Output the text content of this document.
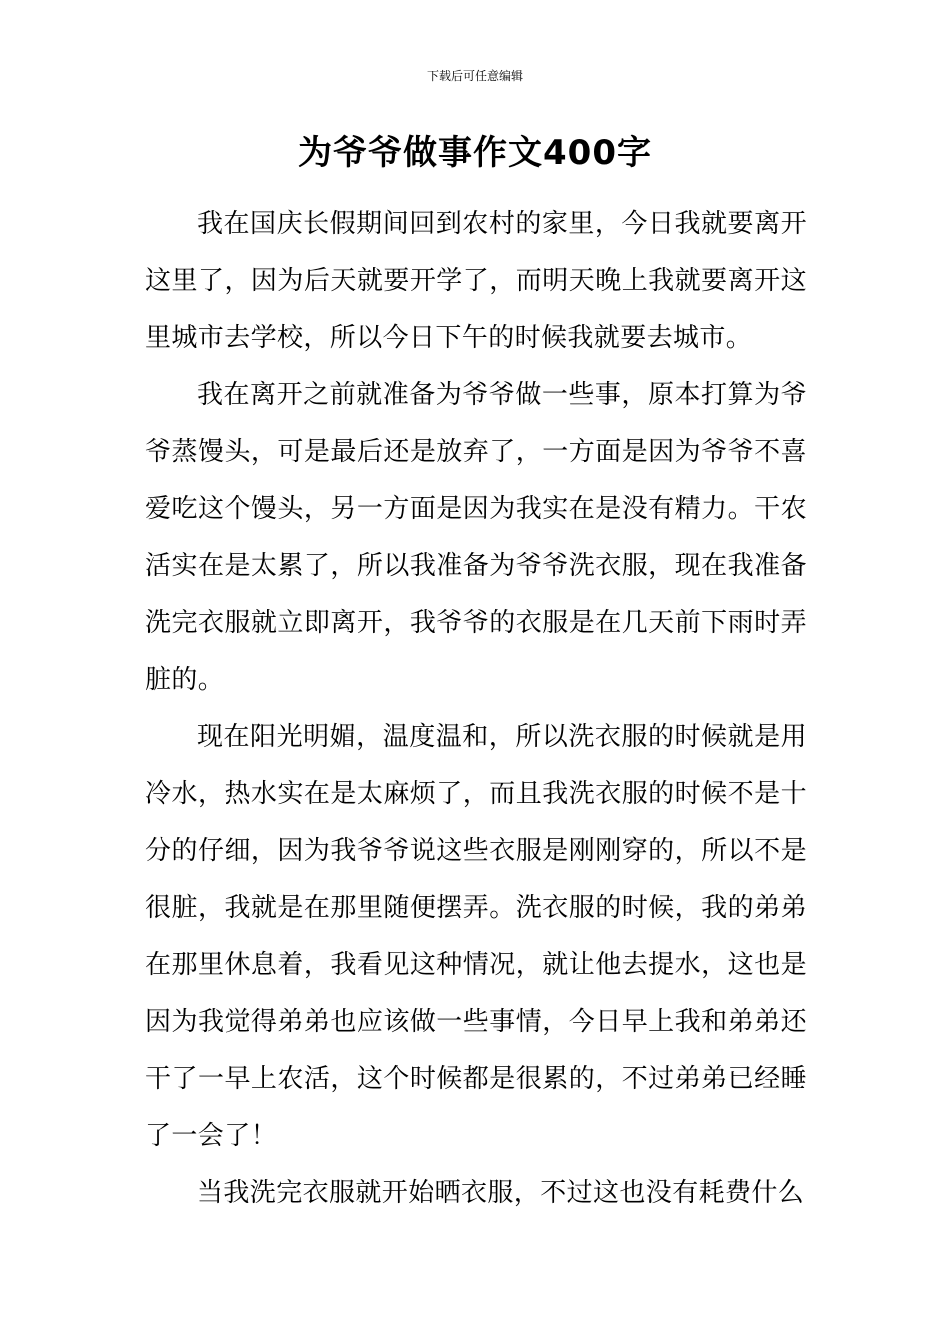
下载后可任意编辑
为爷爷做事作文400字

我在国庆长假期间回到农村的家里，今日我就要离开这里了，因为后天就要开学了，而明天晚上我就要离开这里城市去学校，所以今日下午的时候我就要去城市。

我在离开之前就准备为爷爷做一些事，原本打算为爷爷蒸馒头，可是最后还是放弃了，一方面是因为爷爷不喜爱吃这个馒头，另一方面是因为我实在是没有精力。干农活实在是太累了，所以我准备为爷爷洗衣服，现在我准备洗完衣服就立即离开，我爷爷的衣服是在几天前下雨时弄脏的。

现在阳光明媚，温度温和，所以洗衣服的时候就是用冷水，热水实在是太麻烦了，而且我洗衣服的时候不是十分的仔细，因为我爷爷说这些衣服是刚刚穿的，所以不是很脏，我就是在那里随便摆弄。洗衣服的时候，我的弟弟在那里休息着，我看见这种情况，就让他去提水，这也是因为我觉得弟弟也应该做一些事情，今日早上我和弟弟还干了一早上农活，这个时候都是很累的，不过弟弟已经睡了一会了！

当我洗完衣服就开始晒衣服，不过这也没有耗费什么
